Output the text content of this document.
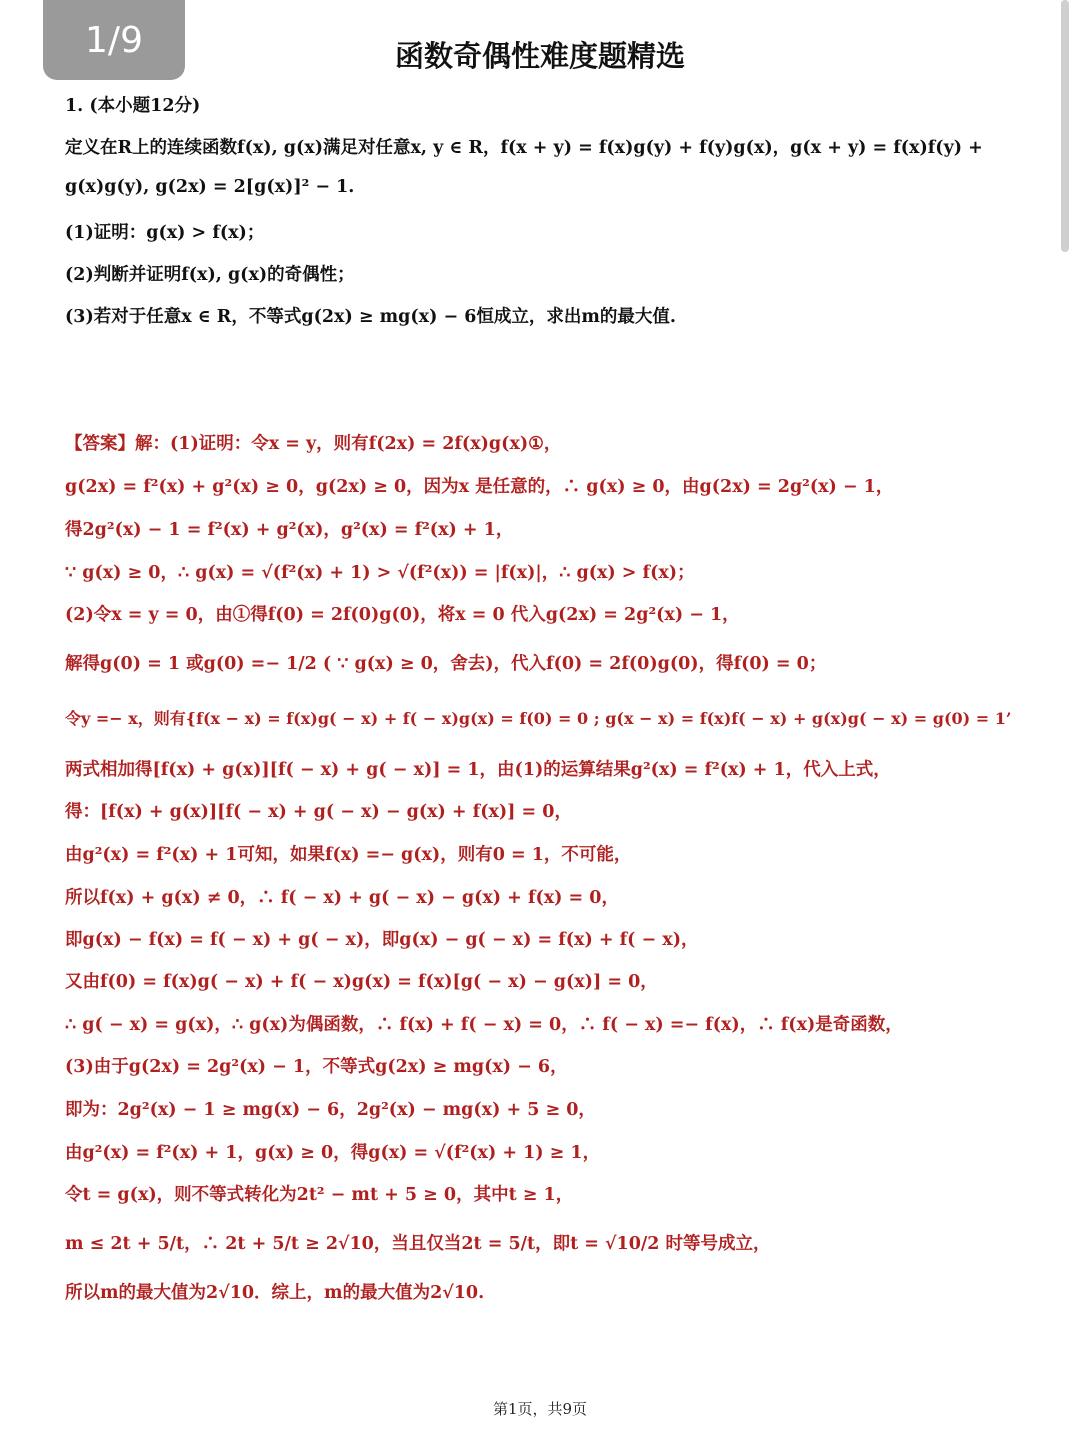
1/9	函数奇偶性难度题精选
1. (本小题12分)
定义在R上的连续函数f(x), g(x)满足对任意x, y ∈ R，f(x + y) = f(x)g(y) + f(y)g(x)，g(x + y) = f(x)f(y) +
g(x)g(y), g(2x) = 2[g(x)]² − 1.
(1)证明：g(x) > f(x)；
(2)判断并证明f(x), g(x)的奇偶性；
(3)若对于任意x ∈ R，不等式g(2x) ≥ mg(x) − 6恒成立，求出m的最大值.
【答案】解：(1)证明：令x = y，则有f(2x) = 2f(x)g(x)①，
g(2x) = f²(x) + g²(x) ≥ 0，g(2x) ≥ 0，因为x 是任意的，∴ g(x) ≥ 0，由g(2x) = 2g²(x) − 1，
得2g²(x) − 1 = f²(x) + g²(x)，g²(x) = f²(x) + 1，
∵ g(x) ≥ 0，∴ g(x) = √(f²(x) + 1) > √(f²(x)) = |f(x)|，∴ g(x) > f(x)；
(2)令x = y = 0，由①得f(0) = 2f(0)g(0)，将x = 0 代入g(2x) = 2g²(x) − 1，
解得g(0) = 1 或g(0) =− 1/2 ( ∵ g(x) ≥ 0，舍去)，代入f(0) = 2f(0)g(0)，得f(0) = 0；
令y =− x，则有{f(x − x) = f(x)g( − x) + f( − x)g(x) = f(0) = 0 ; g(x − x) = f(x)f( − x) + g(x)g( − x) = g(0) = 1’
两式相加得[f(x) + g(x)][f( − x) + g( − x)] = 1，由(1)的运算结果g²(x) = f²(x) + 1，代入上式，
得：[f(x) + g(x)][f( − x) + g( − x) − g(x) + f(x)] = 0，
由g²(x) = f²(x) + 1可知，如果f(x) =− g(x)，则有0 = 1，不可能，
所以f(x) + g(x) ≠ 0，∴ f( − x) + g( − x) − g(x) + f(x) = 0，
即g(x) − f(x) = f( − x) + g( − x)，即g(x) − g( − x) = f(x) + f( − x)，
又由f(0) = f(x)g( − x) + f( − x)g(x) = f(x)[g( − x) − g(x)] = 0，
∴ g( − x) = g(x)，∴ g(x)为偶函数，∴ f(x) + f( − x) = 0，∴ f( − x) =− f(x)，∴ f(x)是奇函数，
(3)由于g(2x) = 2g²(x) − 1，不等式g(2x) ≥ mg(x) − 6，
即为：2g²(x) − 1 ≥ mg(x) − 6，2g²(x) − mg(x) + 5 ≥ 0，
由g²(x) = f²(x) + 1，g(x) ≥ 0，得g(x) = √(f²(x) + 1) ≥ 1，
令t = g(x)，则不等式转化为2t² − mt + 5 ≥ 0，其中t ≥ 1，
m ≤ 2t + 5/t，∴ 2t + 5/t ≥ 2√10，当且仅当2t = 5/t，即t = √10/2 时等号成立，
所以m的最大值为2√10．综上，m的最大值为2√10.
第1页，共9页
